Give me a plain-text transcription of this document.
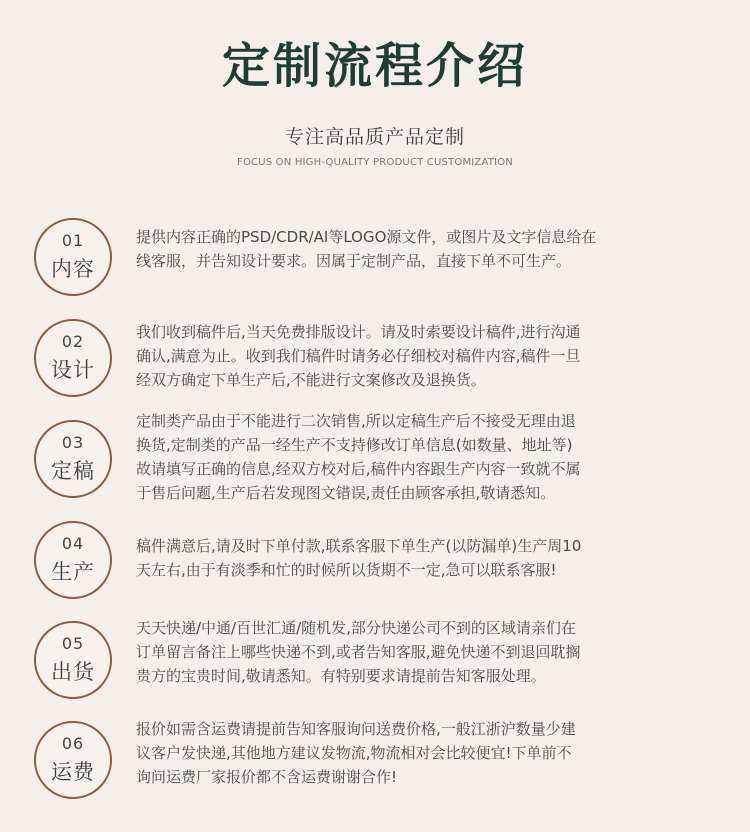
定制流程介绍
专注高品质产品定制
FOCUS ON HIGH-QUALITY PRODUCT CUSTOMIZATION
01
内容
提供内容正确的PSD/CDR/AI等LOGO源文件，或图片及文字信息给在
线客服，并告知设计要求。因属于定制产品，直接下单不可生产。
02
设计
我们收到稿件后,当天免费排版设计。请及时索要设计稿件,进行沟通
确认,满意为止。收到我们稿件时请务必仔细校对稿件内容,稿件一旦
经双方确定下单生产后,不能进行文案修改及退换货。
03
定稿
定制类产品由于不能进行二次销售,所以定稿生产后不接受无理由退
换货,定制类的产品一经生产不支持修改订单信息(如数量、地址等)
故请填写正确的信息,经双方校对后,稿件内容跟生产内容一致就不属
于售后问题,生产后若发现图文错误,责任由顾客承担,敬请悉知。
04
生产
稿件满意后,请及时下单付款,联系客服下单生产(以防漏单)生产周10
天左右,由于有淡季和忙的时候所以货期不一定,急可以联系客服!
05
出货
天天快递/中通/百世汇通/随机发,部分快递公司不到的区域请亲们在
订单留言备注上哪些快递不到,或者告知客服,避免快递不到退回耽搁
贵方的宝贵时间,敬请悉知。有特别要求请提前告知客服处理。
06
运费
报价如需含运费请提前告知客服询问送费价格,一般江浙沪数量少建
议客户发快递,其他地方建议发物流,物流相对会比较便宜!下单前不
询问运费厂家报价都不含运费谢谢合作!
